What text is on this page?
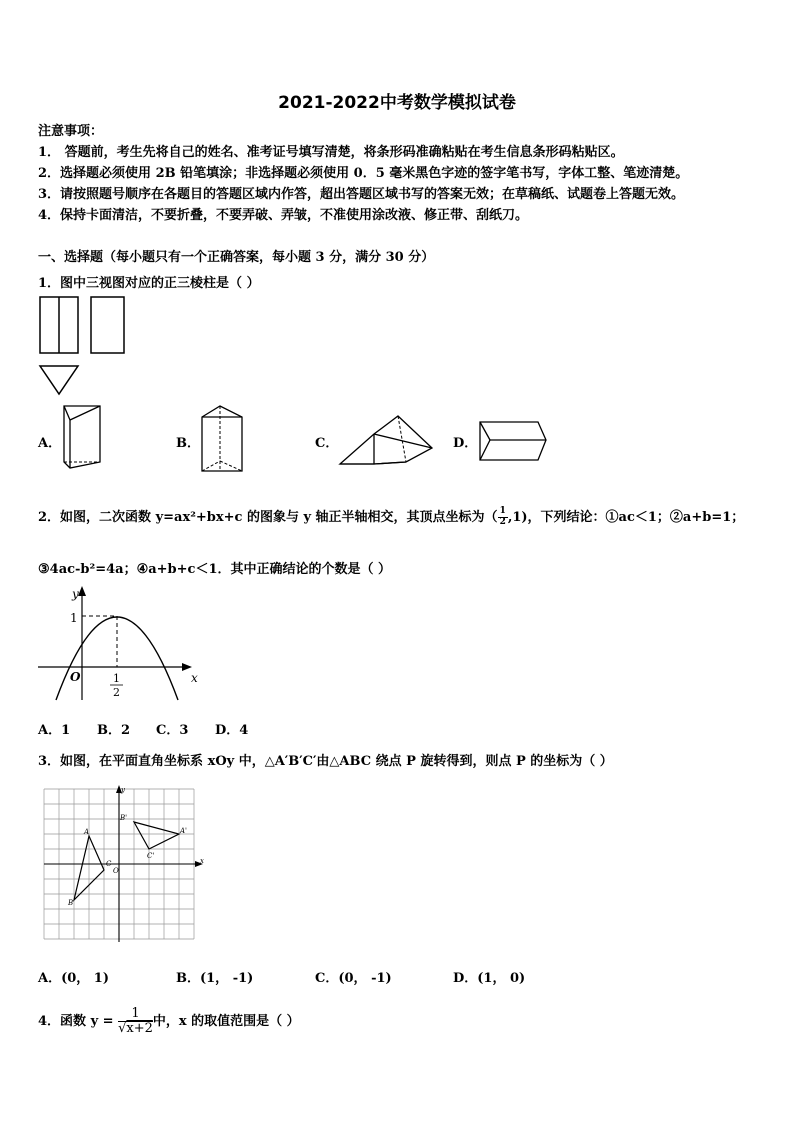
2021-2022中考数学模拟试卷
注意事项：
1． 答题前，考生先将自己的姓名、准考证号填写清楚，将条形码准确粘贴在考生信息条形码粘贴区。
2．选择题必须使用 2B 铅笔填涂；非选择题必须使用 0．5 毫米黑色字迹的签字笔书写，字体工整、笔迹清楚。
3．请按照题号顺序在各题目的答题区域内作答，超出答题区域书写的答案无效；在草稿纸、试题卷上答题无效。
4．保持卡面清洁，不要折叠，不要弄破、弄皱，不准使用涂改液、修正带、刮纸刀。
一、选择题（每小题只有一个正确答案，每小题 3 分，满分 30 分）
1．图中三视图对应的正三棱柱是（ ）
A．	B．	C．	D．
2．如图，二次函数 y=ax²+bx+c 的图象与 y 轴正半轴相交，其顶点坐标为（ $\frac{1}{2} ,1$)，下列结论：①ac＜1；②a+b=1；
③4ac-b²=4a；④a+b+c＜1．其中正确结论的个数是（ ）
y
x
O
1
1
2
A．1 B．2 C．3 D．4
3．如图，在平面直角坐标系 xOy 中，△A′B′C′由△ABC 绕点 P 旋转得到，则点 P 的坐标为（ ）
x
y
O
A
B
C
A'
B'
C'
A．(0， 1)	B．(1， -1)	C．(0， -1)	D．(1， 0)
4．函数 $y = \frac{1}{√x+2}$ 中，x 的取值范围是（ ）
